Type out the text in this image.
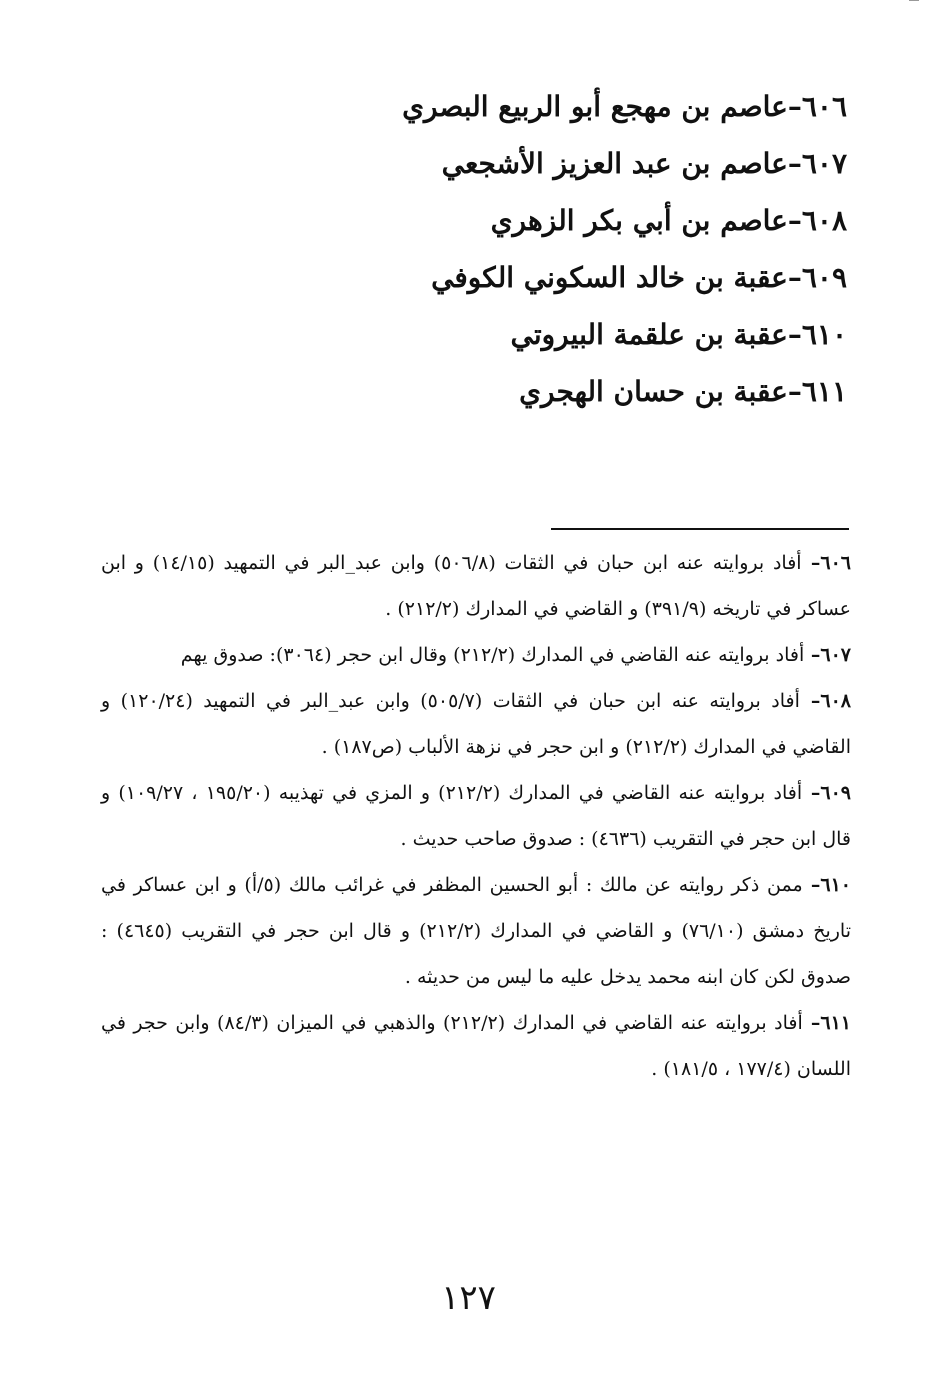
٦٠٦–عاصم بن مهجع أبو الربيع البصري
٦٠٧–عاصم بن عبد العزيز الأشجعي
٦٠٨–عاصم بن أبي بكر الزهري
٦٠٩–عقبة بن خالد السكوني الكوفي
٦١٠–عقبة بن علقمة البيروتي
٦١١–عقبة بن حسان الهجري
٦٠٦– أفاد بروايته عنه ابن حبان في الثقات (٥٠٦/٨) وابن عبد_البر في التمهيد (١٤/١٥) و ابن عساكر في تاريخه (٣٩١/٩) و القاضي في المدارك (٢١٢/٢) .
٦٠٧– أفاد بروايته عنه القاضي في المدارك (٢١٢/٢) وقال ابن حجر (٣٠٦٤): صدوق يهم
٦٠٨– أفاد بروايته عنه ابن حبان في الثقات (٥٠٥/٧) وابن عبد_البر في التمهيد (١٢٠/٢٤) و القاضي في المدارك (٢١٢/٢) و ابن حجر في نزهة الألباب (ص١٨٧) .
٦٠٩– أفاد بروايته عنه القاضي في المدارك (٢١٢/٢) و المزي في تهذيبه (١٩٥/٢٠ ، ١٠٩/٢٧) و قال ابن حجر في التقريب (٤٦٣٦) : صدوق صاحب حديث .
٦١٠– ممن ذكر روايته عن مالك : أبو الحسين المظفر في غرائب مالك (٥/أ) و ابن عساكر في تاريخ دمشق (٧٦/١٠) و القاضي في المدارك (٢١٢/٢) و قال ابن حجر في التقريب (٤٦٤٥) : صدوق لكن كان ابنه محمد يدخل عليه ما ليس من حديثه .
٦١١– أفاد بروايته عنه القاضي في المدارك (٢١٢/٢) والذهبي في الميزان (٨٤/٣) وابن حجر في اللسان (١٧٧/٤ ، ١٨١/٥) .
١٢٧
